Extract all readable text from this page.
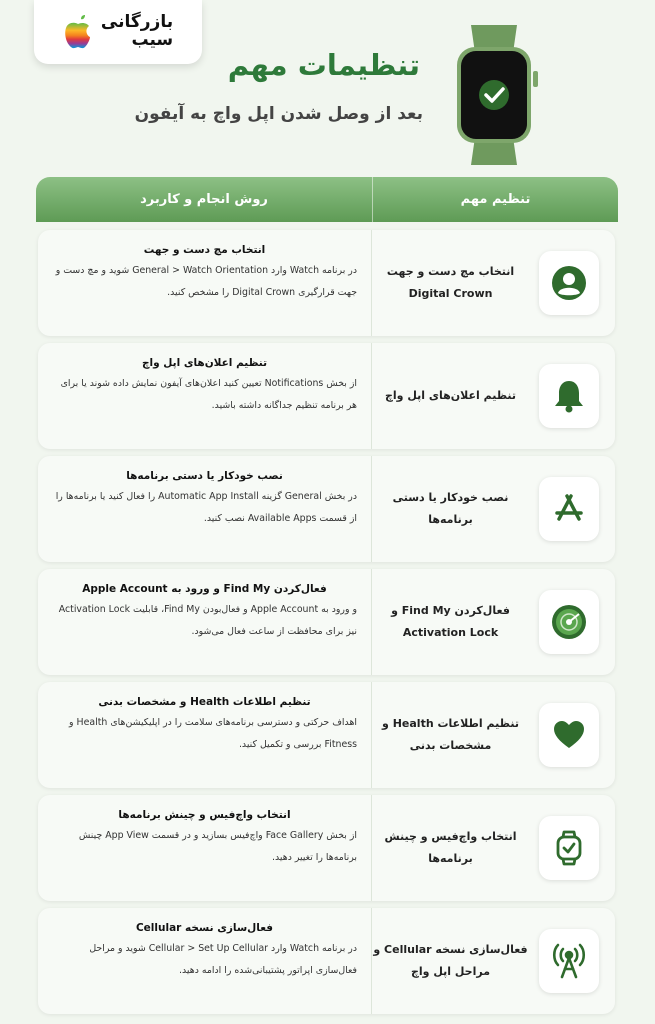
بازرگانی
سیب
تنظیمات مهم
بعد از وصل شدن اپل واچ به آیفون
تنظیم مهم
روش انجام و کاربرد
انتخاب مچ دست و جهت Digital Crown
انتخاب مچ دست و جهت
در برنامه Watch وارد General > Watch Orientation شوید و مچ دست و جهت قرارگیری Digital Crown را مشخص کنید.
تنظیم اعلان‌های اپل واچ
تنظیم اعلان‌های اپل واچ
از بخش Notifications تعیین کنید اعلان‌های آیفون نمایش داده شوند یا برای هر برنامه تنظیم جداگانه داشته باشید.
نصب خودکار یا دستی برنامه‌ها
نصب خودکار یا دستی برنامه‌ها
در بخش General گزینه Automatic App Install را فعال کنید یا برنامه‌ها را از قسمت Available Apps نصب کنید.
فعال‌کردن Find My و Activation Lock
فعال‌کردن Find My و ورود به Apple Account
و ورود به Apple Account و فعال‌بودن Find My، قابلیت Activation Lock نیز برای محافظت از ساعت فعال می‌شود.
تنظیم اطلاعات Health و مشخصات بدنی
تنظیم اطلاعات Health و مشخصات بدنی
اهداف حرکتی و دسترسی برنامه‌های سلامت را در اپلیکیشن‌های Health و Fitness بررسی و تکمیل کنید.
انتخاب واچ‌فیس و چینش برنامه‌ها
انتخاب واچ‌فیس و چینش برنامه‌ها
از بخش Face Gallery واچ‌فیس بسازید و در قسمت App View چینش برنامه‌ها را تغییر دهید.
فعال‌سازی نسخه Cellular و مراحل اپل واچ
فعال‌سازی نسخه Cellular
در برنامه Watch وارد Cellular > Set Up Cellular شوید و مراحل فعال‌سازی اپراتور پشتیبانی‌شده را ادامه دهید.
